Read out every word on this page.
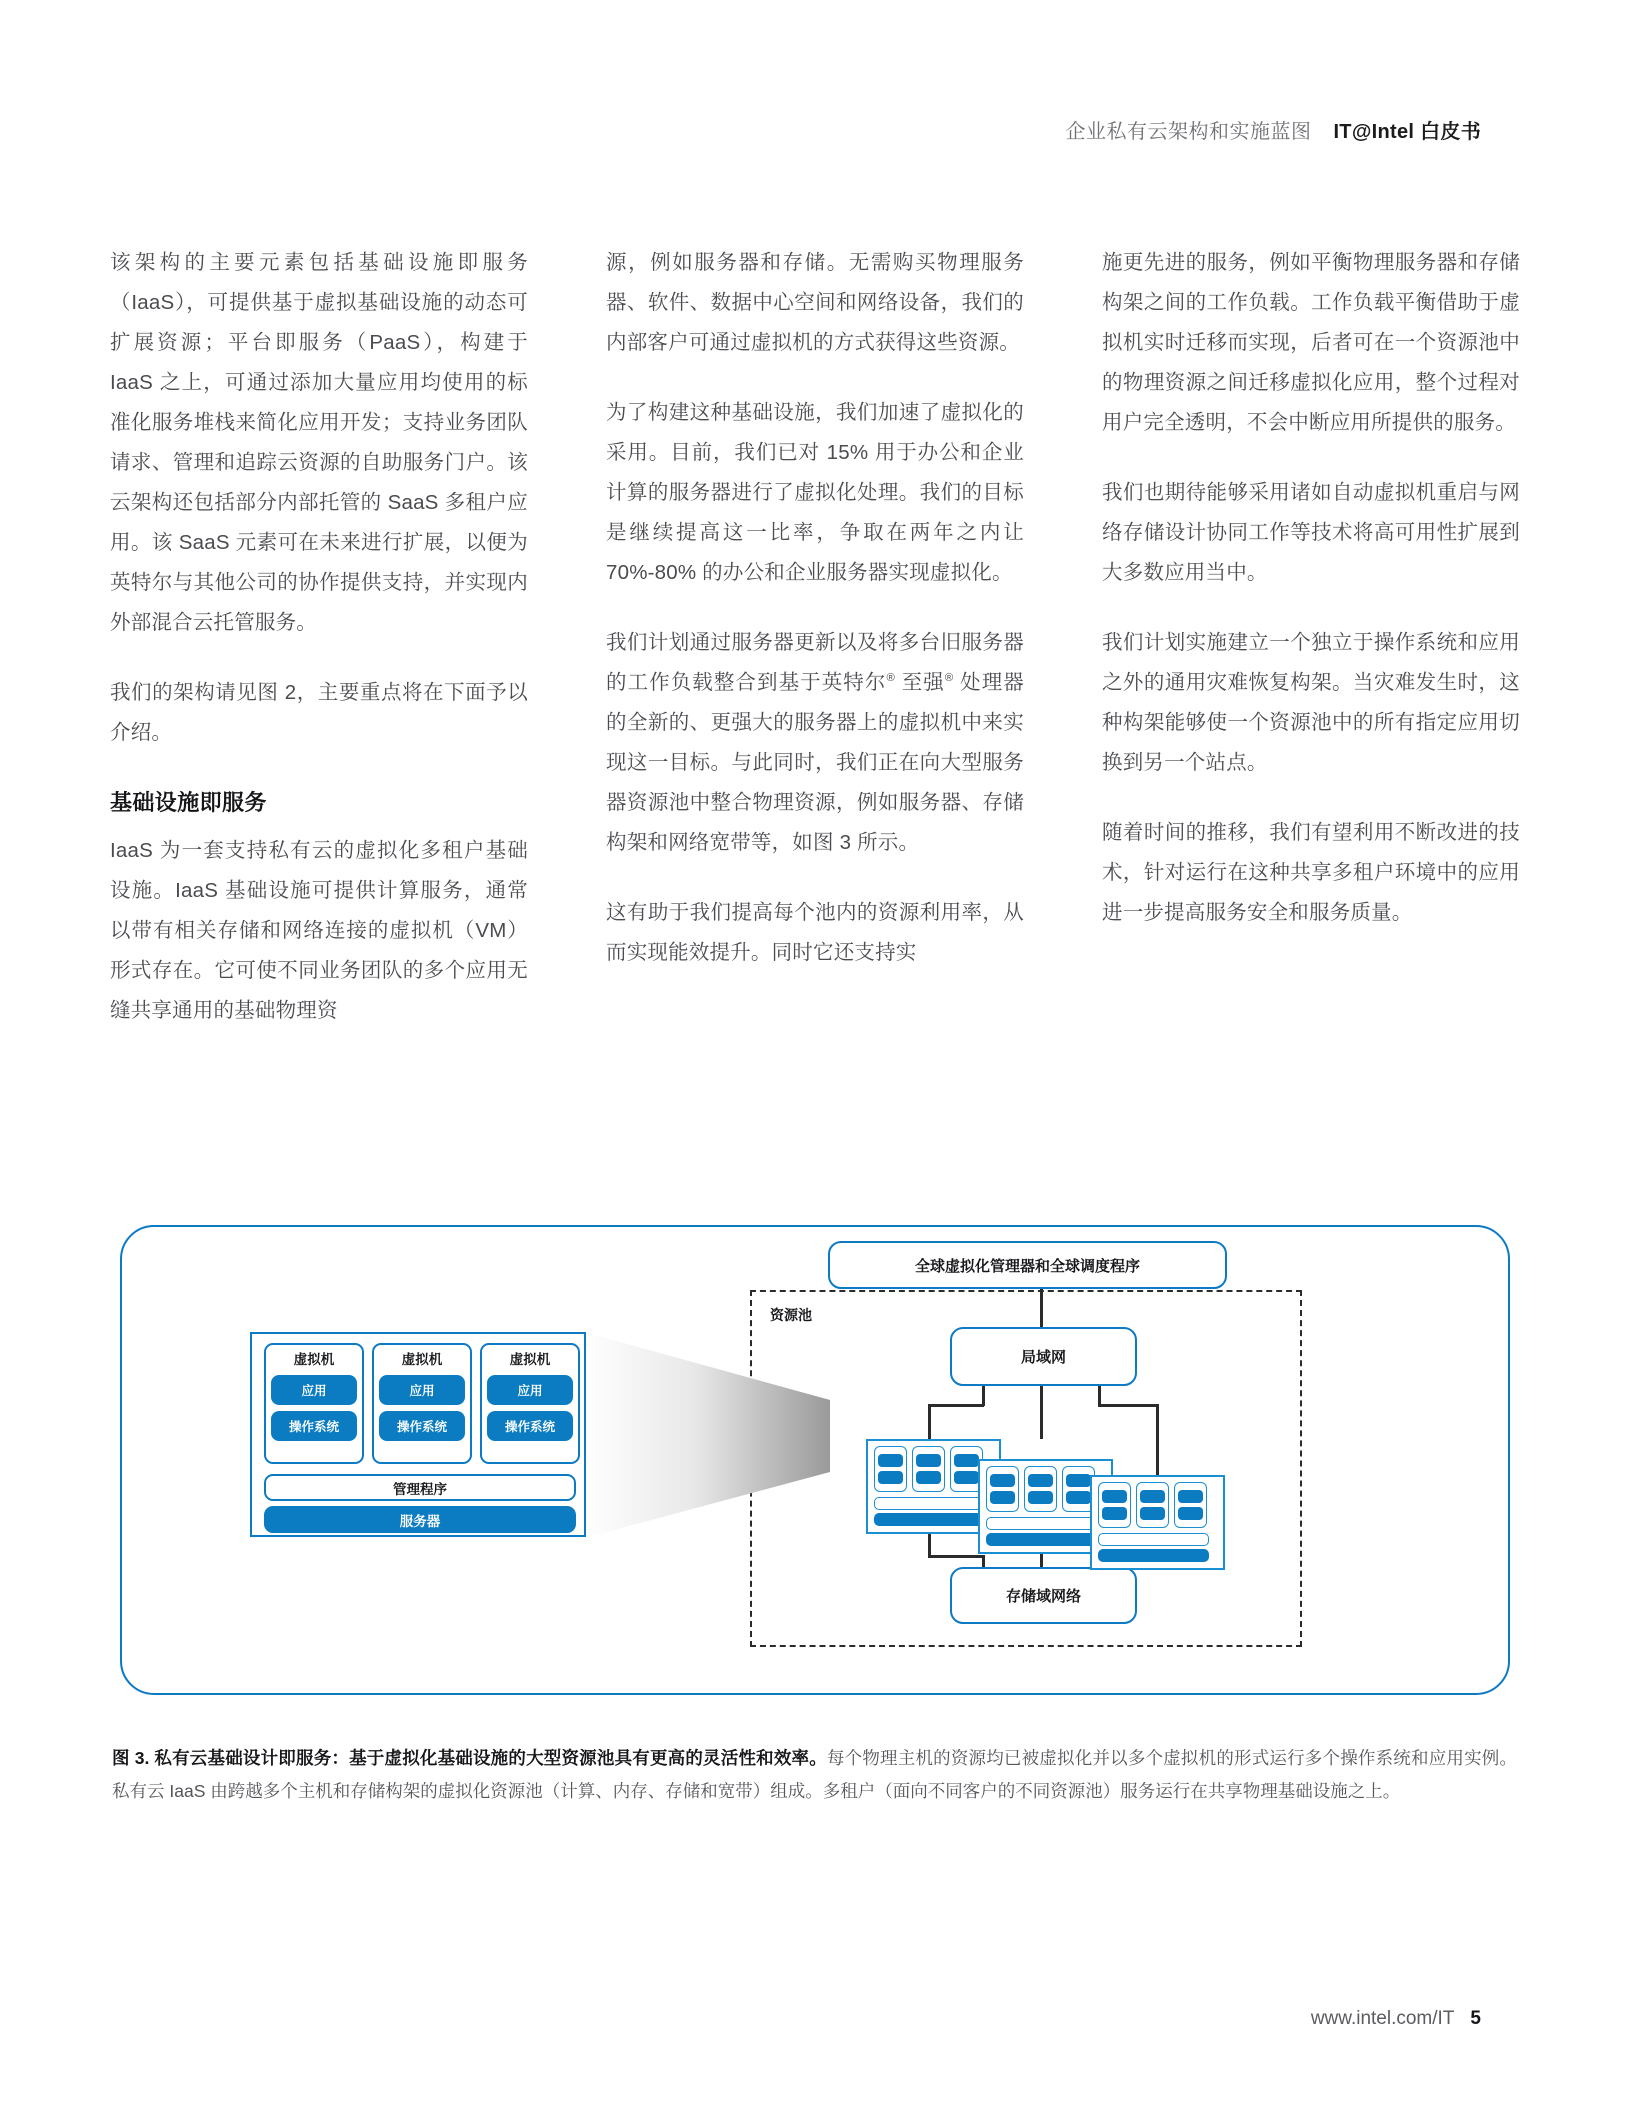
企业私有云架构和实施蓝图 IT@Intel 白皮书

该架构的主要元素包括基础设施即服务（IaaS），可提供基于虚拟基础设施的动态可扩展资源；平台即服务（PaaS），构建于 IaaS 之上，可通过添加大量应用均使用的标准化服务堆栈来简化应用开发；支持业务团队请求、管理和追踪云资源的自助服务门户。该云架构还包括部分内部托管的 SaaS 多租户应用。该 SaaS 元素可在未来进行扩展，以便为英特尔与其他公司的协作提供支持，并实现内外部混合云托管服务。

我们的架构请见图 2，主要重点将在下面予以介绍。

基础设施即服务

IaaS 为一套支持私有云的虚拟化多租户基础设施。IaaS 基础设施可提供计算服务，通常以带有相关存储和网络连接的虚拟机（VM）形式存在。它可使不同业务团队的多个应用无缝共享通用的基础物理资

源，例如服务器和存储。无需购买物理服务器、软件、数据中心空间和网络设备，我们的内部客户可通过虚拟机的方式获得这些资源。

为了构建这种基础设施，我们加速了虚拟化的采用。目前，我们已对 15% 用于办公和企业计算的服务器进行了虚拟化处理。我们的目标是继续提高这一比率，争取在两年之内让 70%-80% 的办公和企业服务器实现虚拟化。

我们计划通过服务器更新以及将多台旧服务器的工作负载整合到基于英特尔® 至强® 处理器的全新的、更强大的服务器上的虚拟机中来实现这一目标。与此同时，我们正在向大型服务器资源池中整合物理资源，例如服务器、存储构架和网络宽带等，如图 3 所示。

这有助于我们提高每个池内的资源利用率，从而实现能效提升。同时它还支持实

施更先进的服务，例如平衡物理服务器和存储构架之间的工作负载。工作负载平衡借助于虚拟机实时迁移而实现，后者可在一个资源池中的物理资源之间迁移虚拟化应用，整个过程对用户完全透明，不会中断应用所提供的服务。

我们也期待能够采用诸如自动虚拟机重启与网络存储设计协同工作等技术将高可用性扩展到大多数应用当中。

我们计划实施建立一个独立于操作系统和应用之外的通用灾难恢复构架。当灾难发生时，这种构架能够使一个资源池中的所有指定应用切换到另一个站点。

随着时间的推移，我们有望利用不断改进的技术，针对运行在这种共享多租户环境中的应用进一步提高服务安全和服务质量。

资源池
全球虚拟化管理器和全球调度程序
局域网
存储域网络
虚拟机
应用
操作系统
虚拟机
应用
操作系统
虚拟机
应用
操作系统
管理程序
服务器
图 3. 私有云基础设计即服务：基于虚拟化基础设施的大型资源池具有更高的灵活性和效率。每个物理主机的资源均已被虚拟化并以多个虚拟机的形式运行多个操作系统和应用实例。私有云 IaaS 由跨越多个主机和存储构架的虚拟化资源池（计算、内存、存储和宽带）组成。多租户（面向不同客户的不同资源池）服务运行在共享物理基础设施之上。
www.intel.com/IT 5
